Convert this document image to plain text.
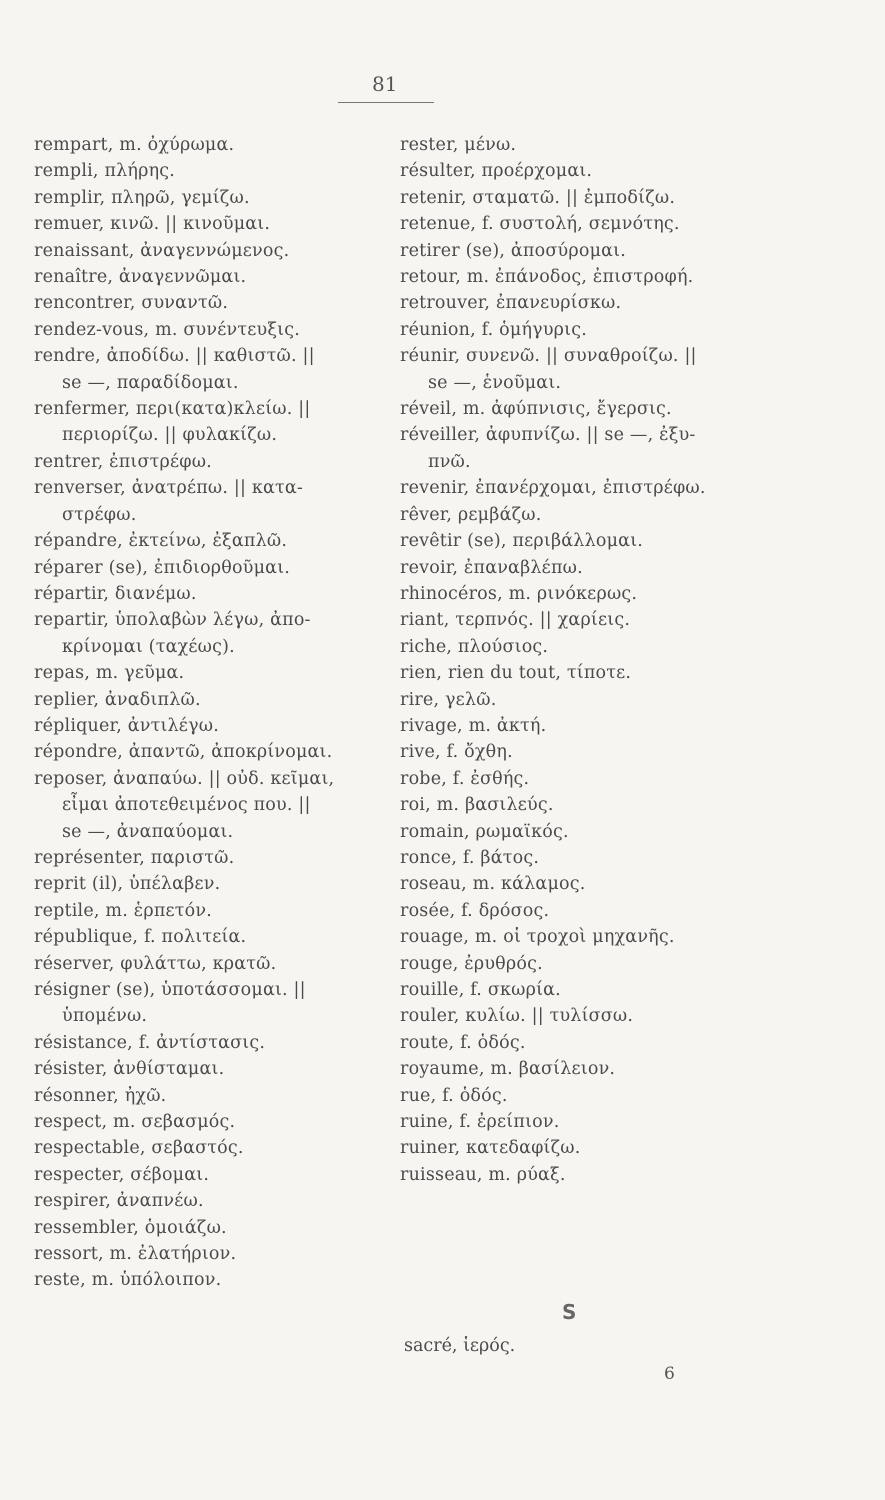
81
rempart, m. ὀχύρωμα.
rempli, πλήρης.
remplir, πληρῶ, γεμίζω.
remuer, κινῶ. || κινοῦμαι.
renaissant, ἀναγεννώμενος.
renaître, ἀναγεννῶμαι.
rencontrer, συναντῶ.
rendez-vous, m. συνέντευξις.
rendre, ἀποδίδω. || καθιστῶ. ||
se —, παραδίδομαι.
renfermer, περι(κατα)κλείω. ||
περιορίζω. || φυλακίζω.
rentrer, ἐπιστρέφω.
renverser, ἀνατρέπω. || κατα-
στρέφω.
répandre, ἐκτείνω, ἐξαπλῶ.
réparer (se), ἐπιδιορθοῦμαι.
répartir, διανέμω.
repartir, ὑπολαβὼν λέγω, ἀπο-
κρίνομαι (ταχέως).
repas, m. γεῦμα.
replier, ἀναδιπλῶ.
répliquer, ἀντιλέγω.
répondre, ἀπαντῶ, ἀποκρίνομαι.
reposer, ἀναπαύω. || οὐδ. κεῖμαι,
εἶμαι ἀποτεθειμένος που. ||
se —, ἀναπαύομαι.
représenter, παριστῶ.
reprit (il), ὑπέλαβεν.
reptile, m. ἑρπετόν.
république, f. πολιτεία.
réserver, φυλάττω, κρατῶ.
résigner (se), ὑποτάσσομαι. ||
ὑπομένω.
résistance, f. ἀντίστασις.
résister, ἀνθίσταμαι.
résonner, ἠχῶ.
respect, m. σεβασμός.
respectable, σεβαστός.
respecter, σέβομαι.
respirer, ἀναπνέω.
ressembler, ὁμοιάζω.
ressort, m. ἐλατήριον.
reste, m. ὑπόλοιπον.
rester, μένω.
résulter, προέρχομαι.
retenir, σταματῶ. || ἐμποδίζω.
retenue, f. συστολή, σεμνότης.
retirer (se), ἀποσύρομαι.
retour, m. ἐπάνοδος, ἐπιστροφή.
retrouver, ἐπανευρίσκω.
réunion, f. ὁμήγυρις.
réunir, συνενῶ. || συναθροίζω. ||
se —, ἑνοῦμαι.
réveil, m. ἀφύπνισις, ἔγερσις.
réveiller, ἀφυπνίζω. || se —, ἐξυ-
πνῶ.
revenir, ἐπανέρχομαι, ἐπιστρέφω.
rêver, ρεμβάζω.
revêtir (se), περιβάλλομαι.
revoir, ἐπαναβλέπω.
rhinocéros, m. ρινόκερως.
riant, τερπνός. || χαρίεις.
riche, πλούσιος.
rien, rien du tout, τίποτε.
rire, γελῶ.
rivage, m. ἀκτή.
rive, f. ὄχθη.
robe, f. ἐσθής.
roi, m. βασιλεύς.
romain, ρωμαϊκός.
ronce, f. βάτος.
roseau, m. κάλαμος.
rosée, f. δρόσος.
rouage, m. οἱ τροχοὶ μηχανῆς.
rouge, ἐρυθρός.
rouille, f. σκωρία.
rouler, κυλίω. || τυλίσσω.
route, f. ὁδός.
royaume, m. βασίλειον.
rue, f. ὁδός.
ruine, f. ἐρείπιον.
ruiner, κατεδαφίζω.
ruisseau, m. ρύαξ.
S
sacré, ἱερός.
6
